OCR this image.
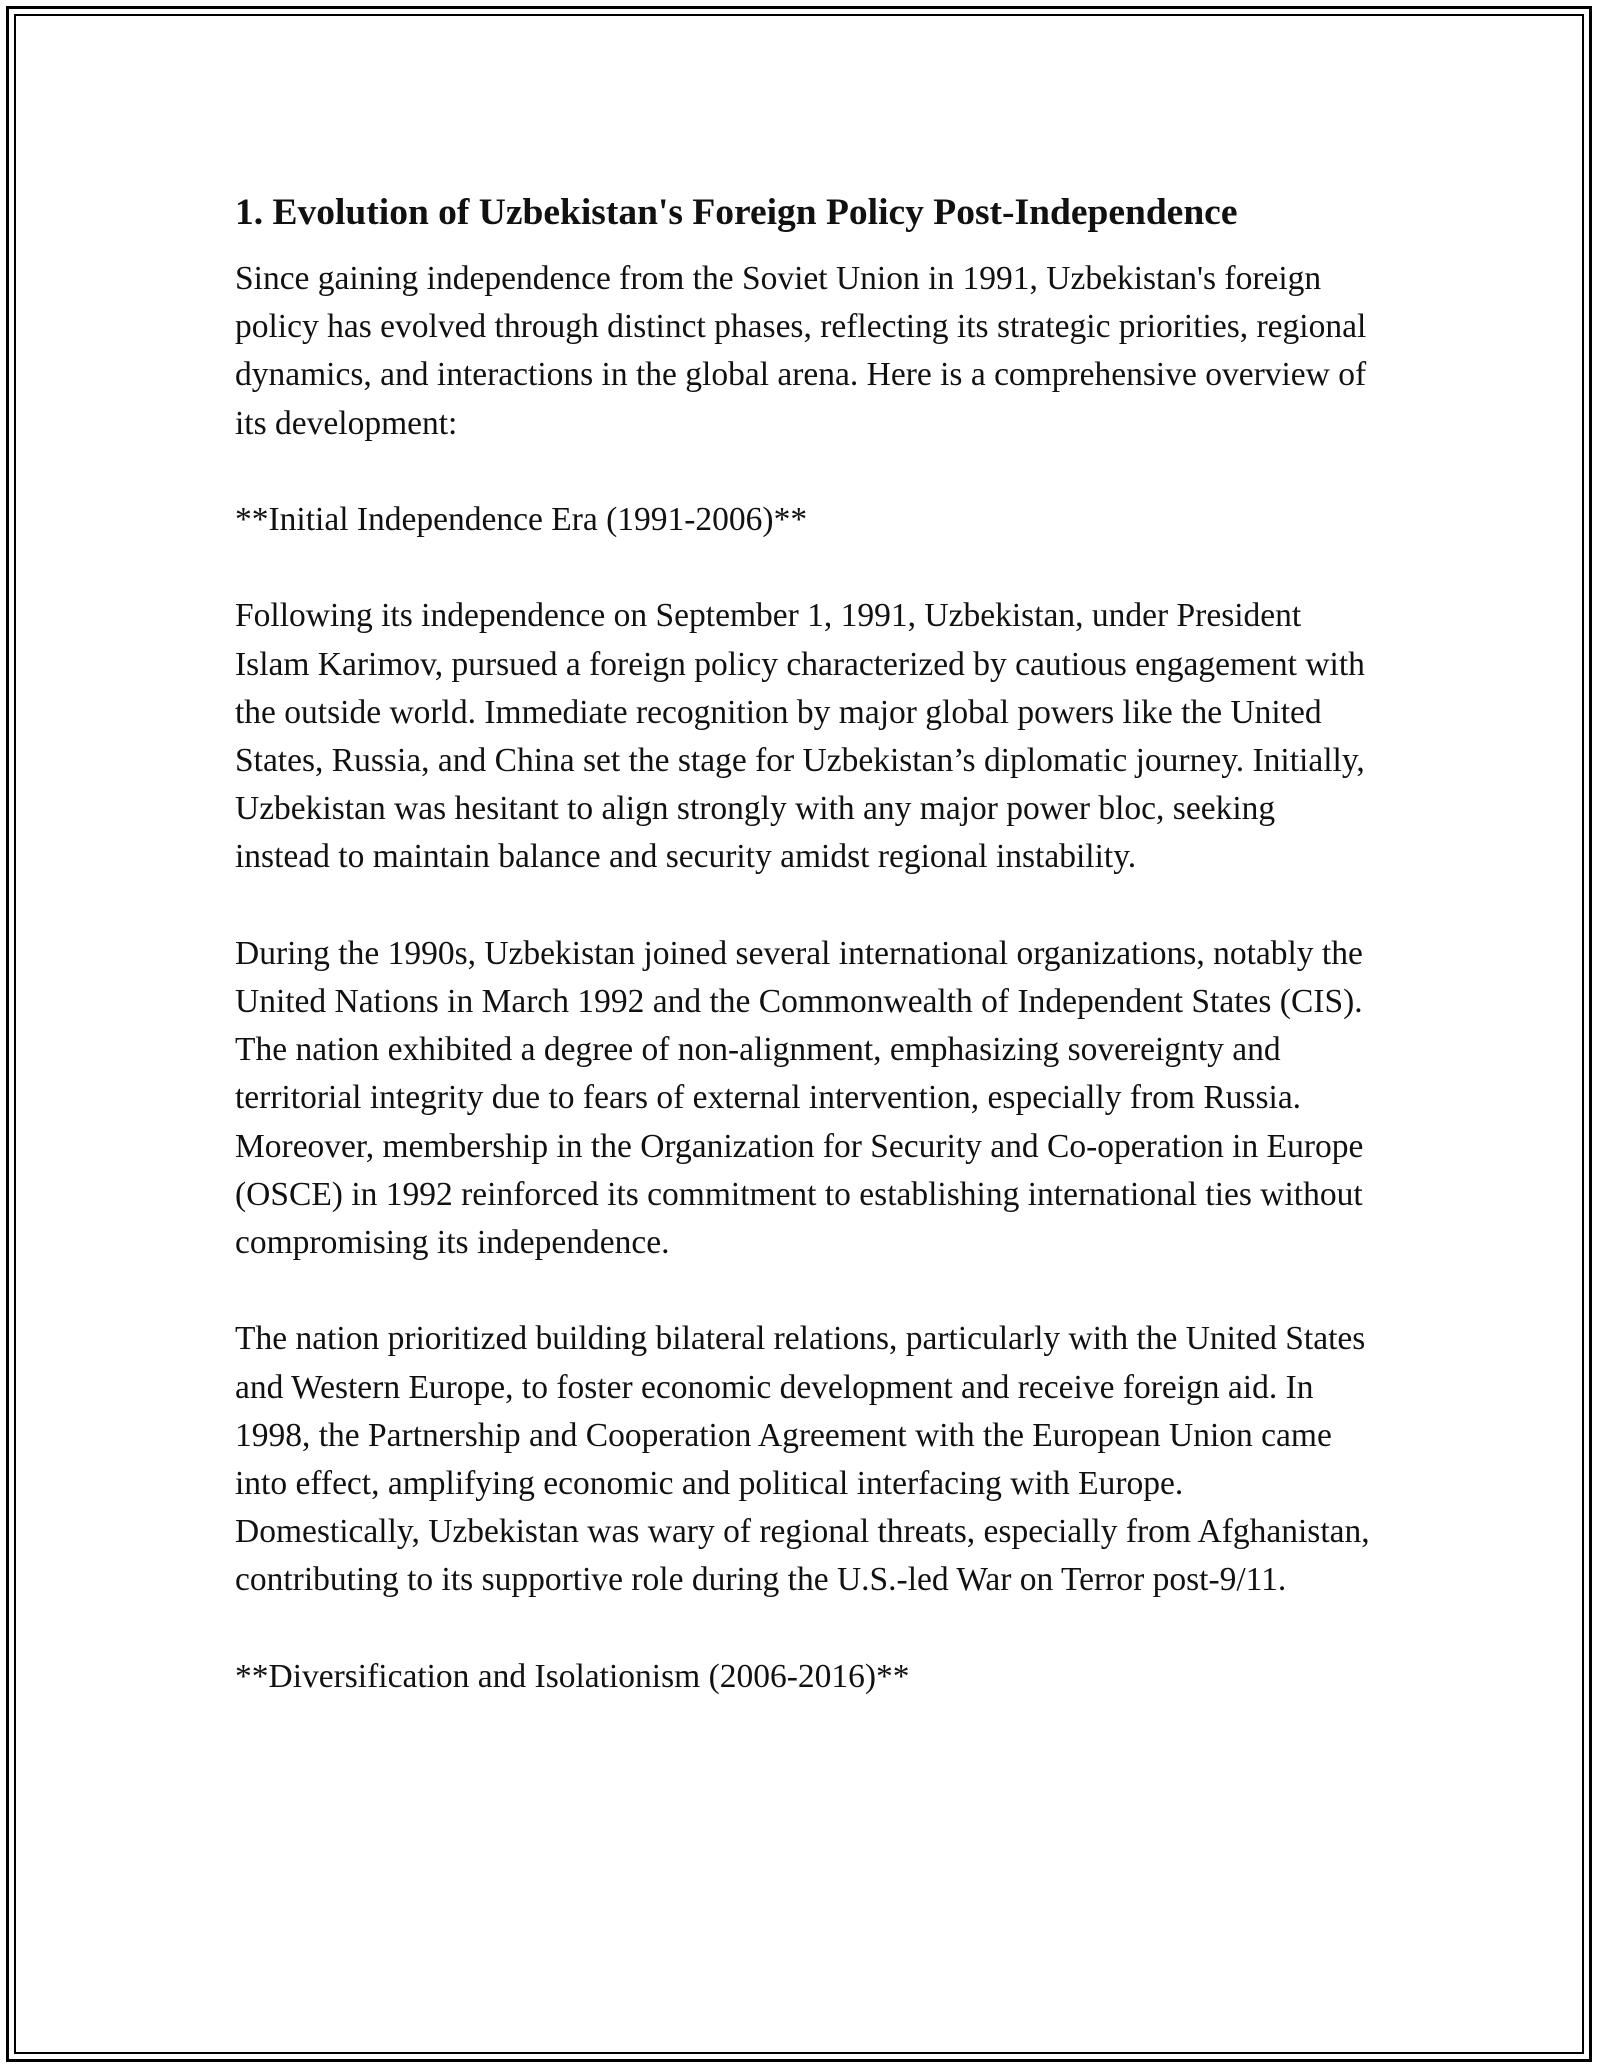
1. Evolution of Uzbekistan's Foreign Policy Post-Independence

Since gaining independence from the Soviet Union in 1991, Uzbekistan's foreign policy has evolved through distinct phases, reflecting its strategic priorities, regional dynamics, and interactions in the global arena. Here is a comprehensive overview of its development:

**Initial Independence Era (1991-2006)**

Following its independence on September 1, 1991, Uzbekistan, under President Islam Karimov, pursued a foreign policy characterized by cautious engagement with the outside world. Immediate recognition by major global powers like the United States, Russia, and China set the stage for Uzbekistan’s diplomatic journey. Initially, Uzbekistan was hesitant to align strongly with any major power bloc, seeking instead to maintain balance and security amidst regional instability.

During the 1990s, Uzbekistan joined several international organizations, notably the United Nations in March 1992 and the Commonwealth of Independent States (CIS). The nation exhibited a degree of non-alignment, emphasizing sovereignty and territorial integrity due to fears of external intervention, especially from Russia. Moreover, membership in the Organization for Security and Co-operation in Europe (OSCE) in 1992 reinforced its commitment to establishing international ties without compromising its independence.

The nation prioritized building bilateral relations, particularly with the United States and Western Europe, to foster economic development and receive foreign aid. In 1998, the Partnership and Cooperation Agreement with the European Union came into effect, amplifying economic and political interfacing with Europe. Domestically, Uzbekistan was wary of regional threats, especially from Afghanistan, contributing to its supportive role during the U.S.-led War on Terror post-9/11.

**Diversification and Isolationism (2006-2016)**
